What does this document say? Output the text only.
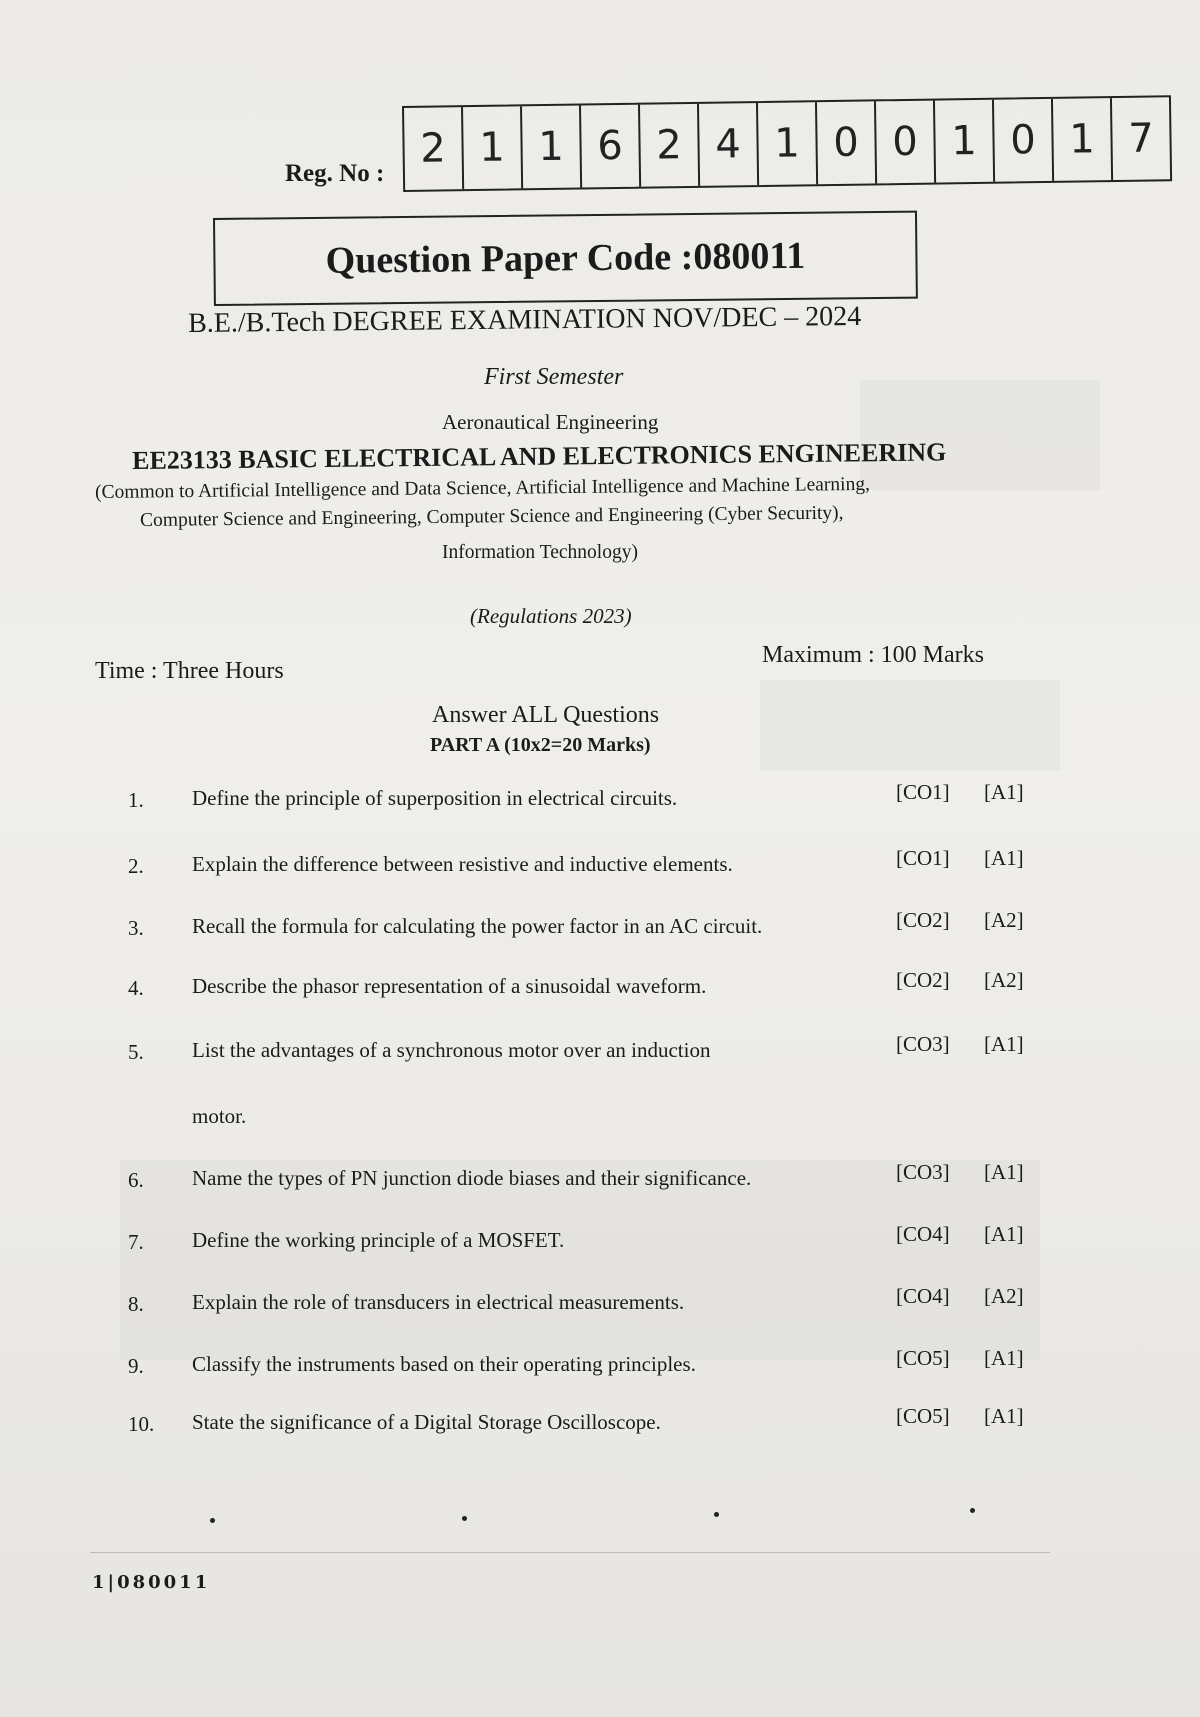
Reg. No :
2 1 1 6 2 4 1 0 0 1 0 1 7
Question Paper Code :080011
B.E./B.Tech DEGREE EXAMINATION NOV/DEC – 2024
First Semester
Aeronautical Engineering
EE23133 BASIC ELECTRICAL AND ELECTRONICS ENGINEERING
(Common to Artificial Intelligence and Data Science, Artificial Intelligence and Machine Learning,
Computer Science and Engineering, Computer Science and Engineering (Cyber Security),
Information Technology)
(Regulations 2023)
Time : Three Hours
Maximum : 100 Marks
Answer ALL Questions
PART A (10x2=20 Marks)
1. Define the principle of superposition in electrical circuits.	[CO1] [A1]
2. Explain the difference between resistive and inductive elements.	[CO1] [A1]
3. Recall the formula for calculating the power factor in an AC circuit.	[CO2] [A2]
4. Describe the phasor representation of a sinusoidal waveform.	[CO2] [A2]
5. List the advantages of a synchronous motor over an induction	[CO3] [A1]
motor.
6. Name the types of PN junction diode biases and their significance.	[CO3] [A1]
7. Define the working principle of a MOSFET.	[CO4] [A1]
8. Explain the role of transducers in electrical measurements.	[CO4] [A2]
9. Classify the instruments based on their operating principles.	[CO5] [A1]
10. State the significance of a Digital Storage Oscilloscope.	[CO5] [A1]
1|080011
